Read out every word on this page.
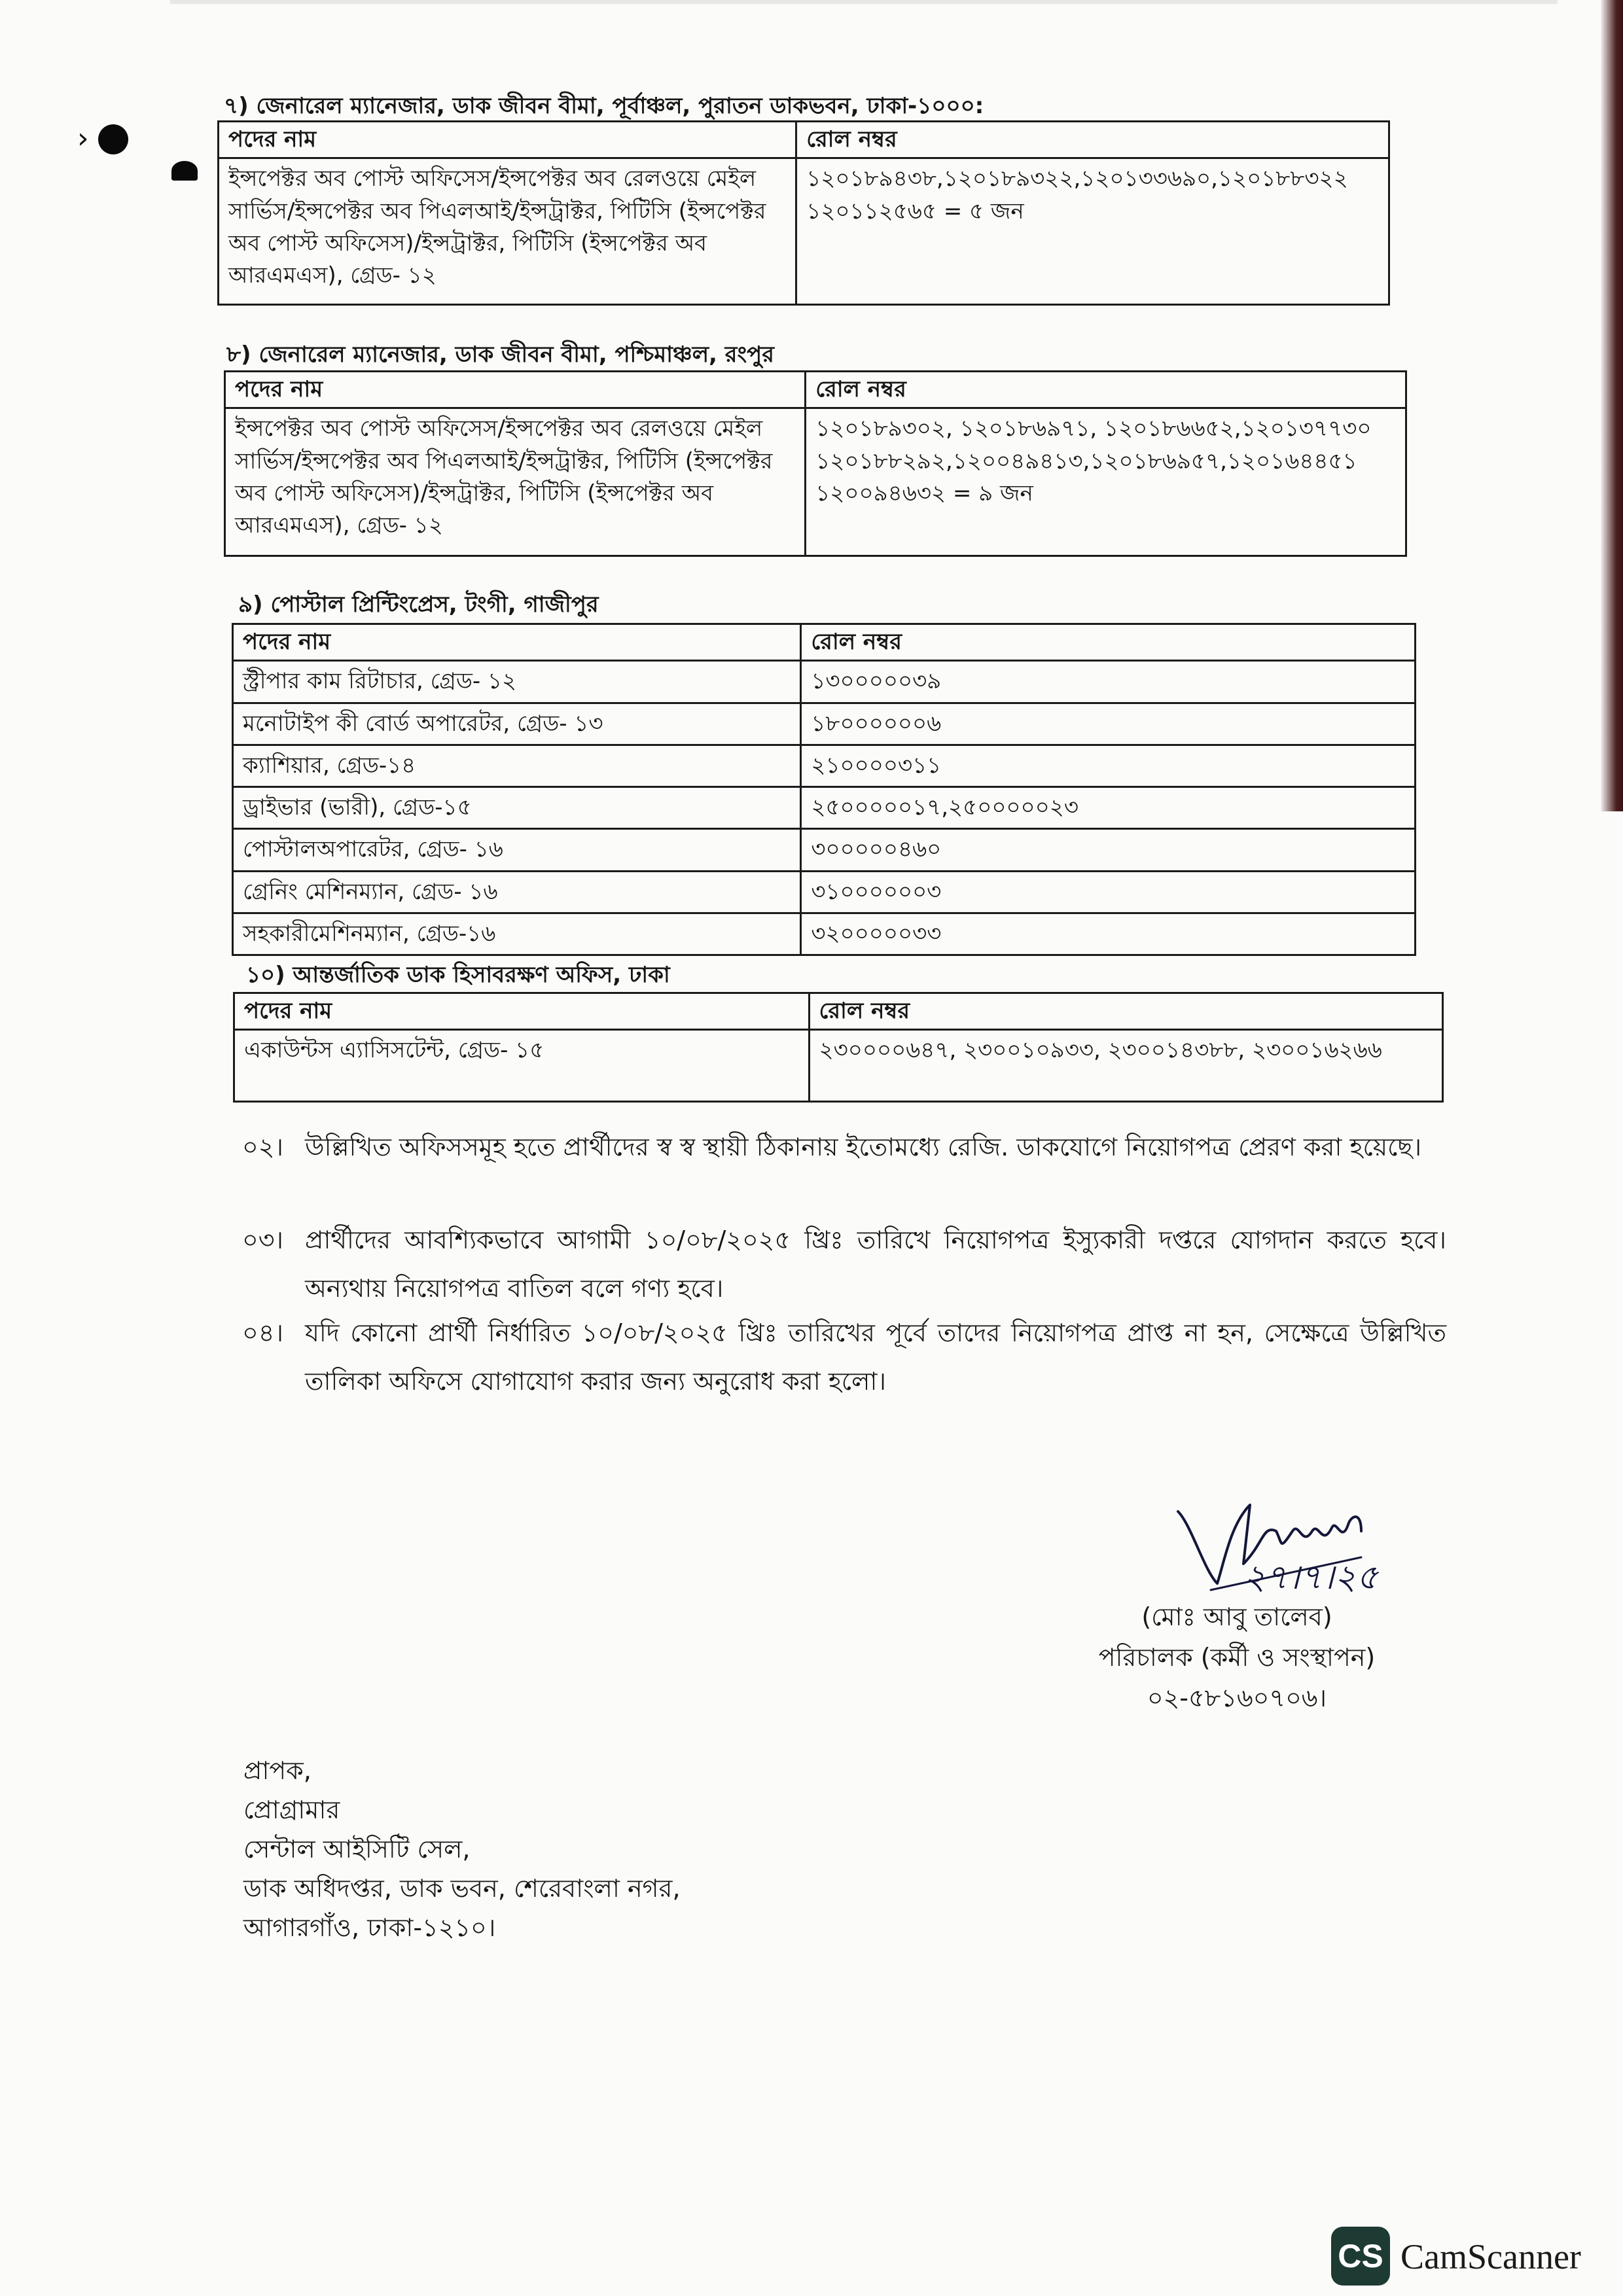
›
৭) জেনারেল ম্যানেজার, ডাক জীবন বীমা, পূর্বাঞ্চল, পুরাতন ডাকভবন, ঢাকা-১০০০:
পদের নাম	রোল নম্বর
ইন্সপেক্টর অব পোস্ট অফিসেস/ইন্সপেক্টর অব রেলওয়ে মেইল সার্ভিস/ইন্সপেক্টর অব পিএলআই/ইন্সট্রাক্টর, পিটিসি (ইন্সপেক্টর অব পোস্ট অফিসেস)/ইন্সট্রাক্টর, পিটিসি (ইন্সপেক্টর অব আরএমএস), গ্রেড- ১২	১২০১৮৯৪৩৮,১২০১৮৯৩২২,১২০১৩৩৬৯০,১২০১৮৮৩২২ ১২০১১২৫৬৫ = ৫ জন
৮) জেনারেল ম্যানেজার, ডাক জীবন বীমা, পশ্চিমাঞ্চল, রংপুর
পদের নাম	রোল নম্বর
ইন্সপেক্টর অব পোস্ট অফিসেস/ইন্সপেক্টর অব রেলওয়ে মেইল সার্ভিস/ইন্সপেক্টর অব পিএলআই/ইন্সট্রাক্টর, পিটিসি (ইন্সপেক্টর অব পোস্ট অফিসেস)/ইন্সট্রাক্টর, পিটিসি (ইন্সপেক্টর অব আরএমএস), গ্রেড- ১২	১২০১৮৯৩০২, ১২০১৮৬৯৭১, ১২০১৮৬৬৫২,১২০১৩৭৭৩০ ১২০১৮৮২৯২,১২০০৪৯৪১৩,১২০১৮৬৯৫৭,১২০১৬৪৪৫১ ১২০০৯৪৬৩২ = ৯ জন
৯) পোস্টাল প্রিন্টিংপ্রেস, টংগী, গাজীপুর
পদের নাম	রোল নম্বর
স্ট্রীপার কাম রিটাচার, গ্রেড- ১২	১৩০০০০০৩৯
মনোটাইপ কী বোর্ড অপারেটর, গ্রেড- ১৩	১৮০০০০০০৬
ক্যাশিয়ার, গ্রেড-১৪	২১০০০০৩১১
ড্রাইভার (ভারী), গ্রেড-১৫	২৫০০০০০১৭,২৫০০০০০২৩
পোস্টালঅপারেটর, গ্রেড- ১৬	৩০০০০০৪৬০
গ্রেনিং মেশিনম্যান, গ্রেড- ১৬	৩১০০০০০০৩
সহকারীমেশিনম্যান, গ্রেড-১৬	৩২০০০০০৩৩
১০) আন্তর্জাতিক ডাক হিসাবরক্ষণ অফিস, ঢাকা
পদের নাম	রোল নম্বর
একাউন্টস এ্যাসিসটেন্ট, গ্রেড- ১৫	২৩০০০০৬৪৭, ২৩০০১০৯৩৩, ২৩০০১৪৩৮৮, ২৩০০১৬২৬৬
০২। উল্লিখিত অফিসসমূহ হতে প্রার্থীদের স্ব স্ব স্থায়ী ঠিকানায় ইতোমধ্যে রেজি. ডাকযোগে নিয়োগপত্র প্রেরণ করা হয়েছে।
০৩। প্রার্থীদের আবশ্যিকভাবে আগামী ১০/০৮/২০২৫ খ্রিঃ তারিখে নিয়োগপত্র ইস্যুকারী দপ্তরে যোগদান করতে হবে। অন্যথায় নিয়োগপত্র বাতিল বলে গণ্য হবে।
০৪। যদি কোনো প্রার্থী নির্ধারিত ১০/০৮/২০২৫ খ্রিঃ তারিখের পূর্বে তাদের নিয়োগপত্র প্রাপ্ত না হন, সেক্ষেত্রে উল্লিখিত তালিকা অফিসে যোগাযোগ করার জন্য অনুরোধ করা হলো।
২৭।৭।২৫
(মোঃ আবু তালেব)
পরিচালক (কর্মী ও সংস্থাপন)
০২-৫৮১৬০৭০৬।
প্রাপক,
প্রোগ্রামার
সেন্টাল আইসিটি সেল,
ডাক অধিদপ্তর, ডাক ভবন, শেরেবাংলা নগর,
আগারগাঁও, ঢাকা-১২১০।
CS CamScanner
